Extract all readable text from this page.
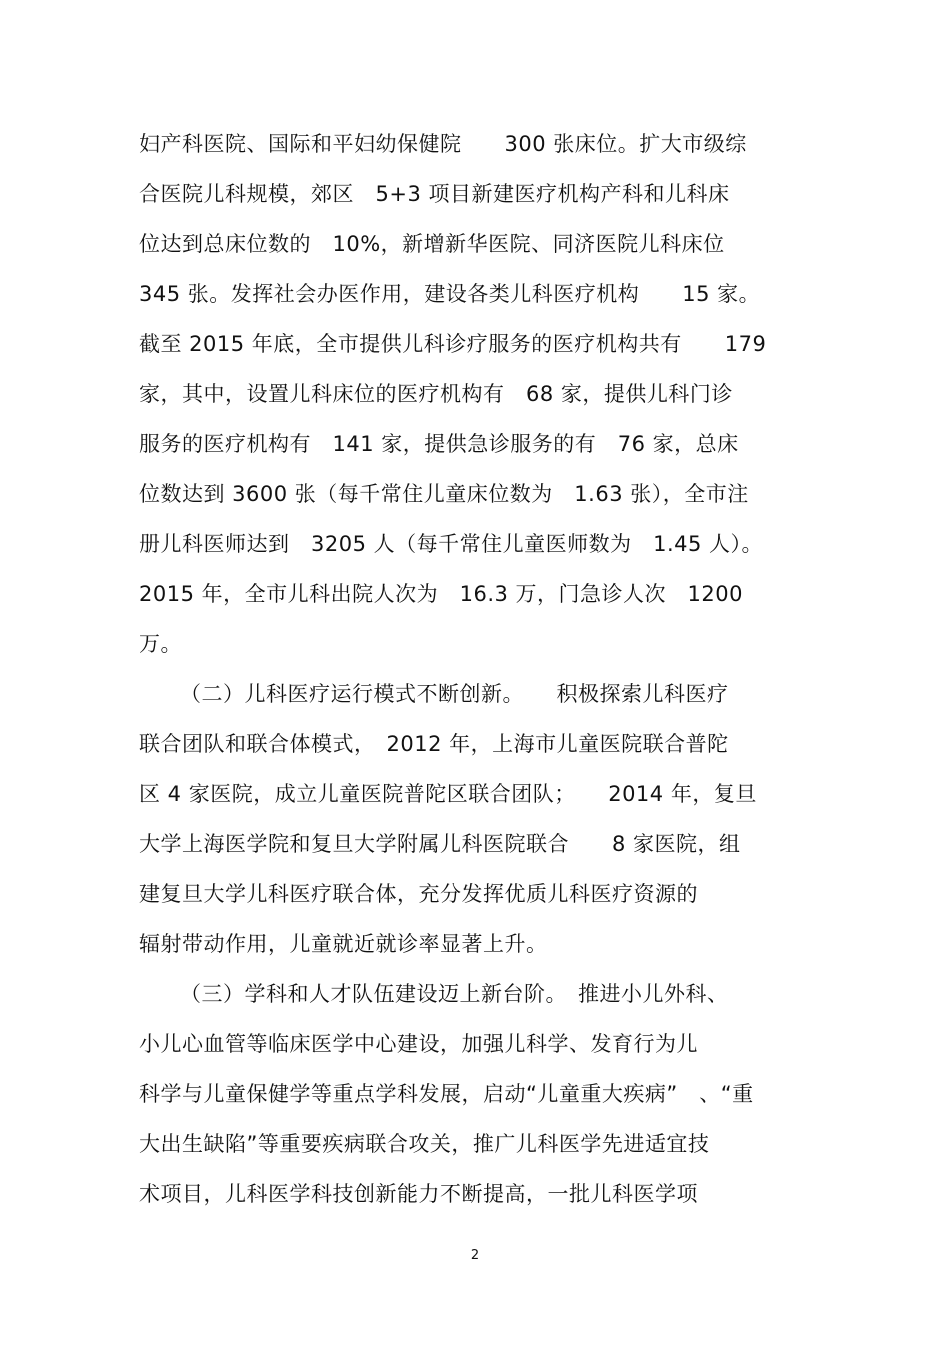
妇产科医院、国际和平妇幼保健院　　300 张床位。扩大市级综
合医院儿科规模，郊区　5+3 项目新建医疗机构产科和儿科床
位达到总床位数的　10%，新增新华医院、同济医院儿科床位
345 张。发挥社会办医作用，建设各类儿科医疗机构　　15 家。
截至 2015 年底，全市提供儿科诊疗服务的医疗机构共有　　179
家，其中，设置儿科床位的医疗机构有　68 家，提供儿科门诊
服务的医疗机构有　141 家，提供急诊服务的有　76 家，总床
位数达到 3600 张（每千常住儿童床位数为　1.63 张），全市注
册儿科医师达到　3205 人（每千常住儿童医师数为　1.45 人）。
2015 年，全市儿科出院人次为　16.3 万，门急诊人次　1200
万。
（二）儿科医疗运行模式不断创新。　　积极探索儿科医疗
联合团队和联合体模式，　2012 年，上海市儿童医院联合普陀
区 4 家医院，成立儿童医院普陀区联合团队；　　2014 年，复旦
大学上海医学院和复旦大学附属儿科医院联合　　8 家医院，组
建复旦大学儿科医疗联合体，充分发挥优质儿科医疗资源的
辐射带动作用，儿童就近就诊率显著上升。
（三）学科和人才队伍建设迈上新台阶。　推进小儿外科、
小儿心血管等临床医学中心建设，加强儿科学、发育行为儿
科学与儿童保健学等重点学科发展，启动“儿童重大疾病”　、“重
大出生缺陷”等重要疾病联合攻关，推广儿科医学先进适宜技
术项目，儿科医学科技创新能力不断提高，一批儿科医学项
2
